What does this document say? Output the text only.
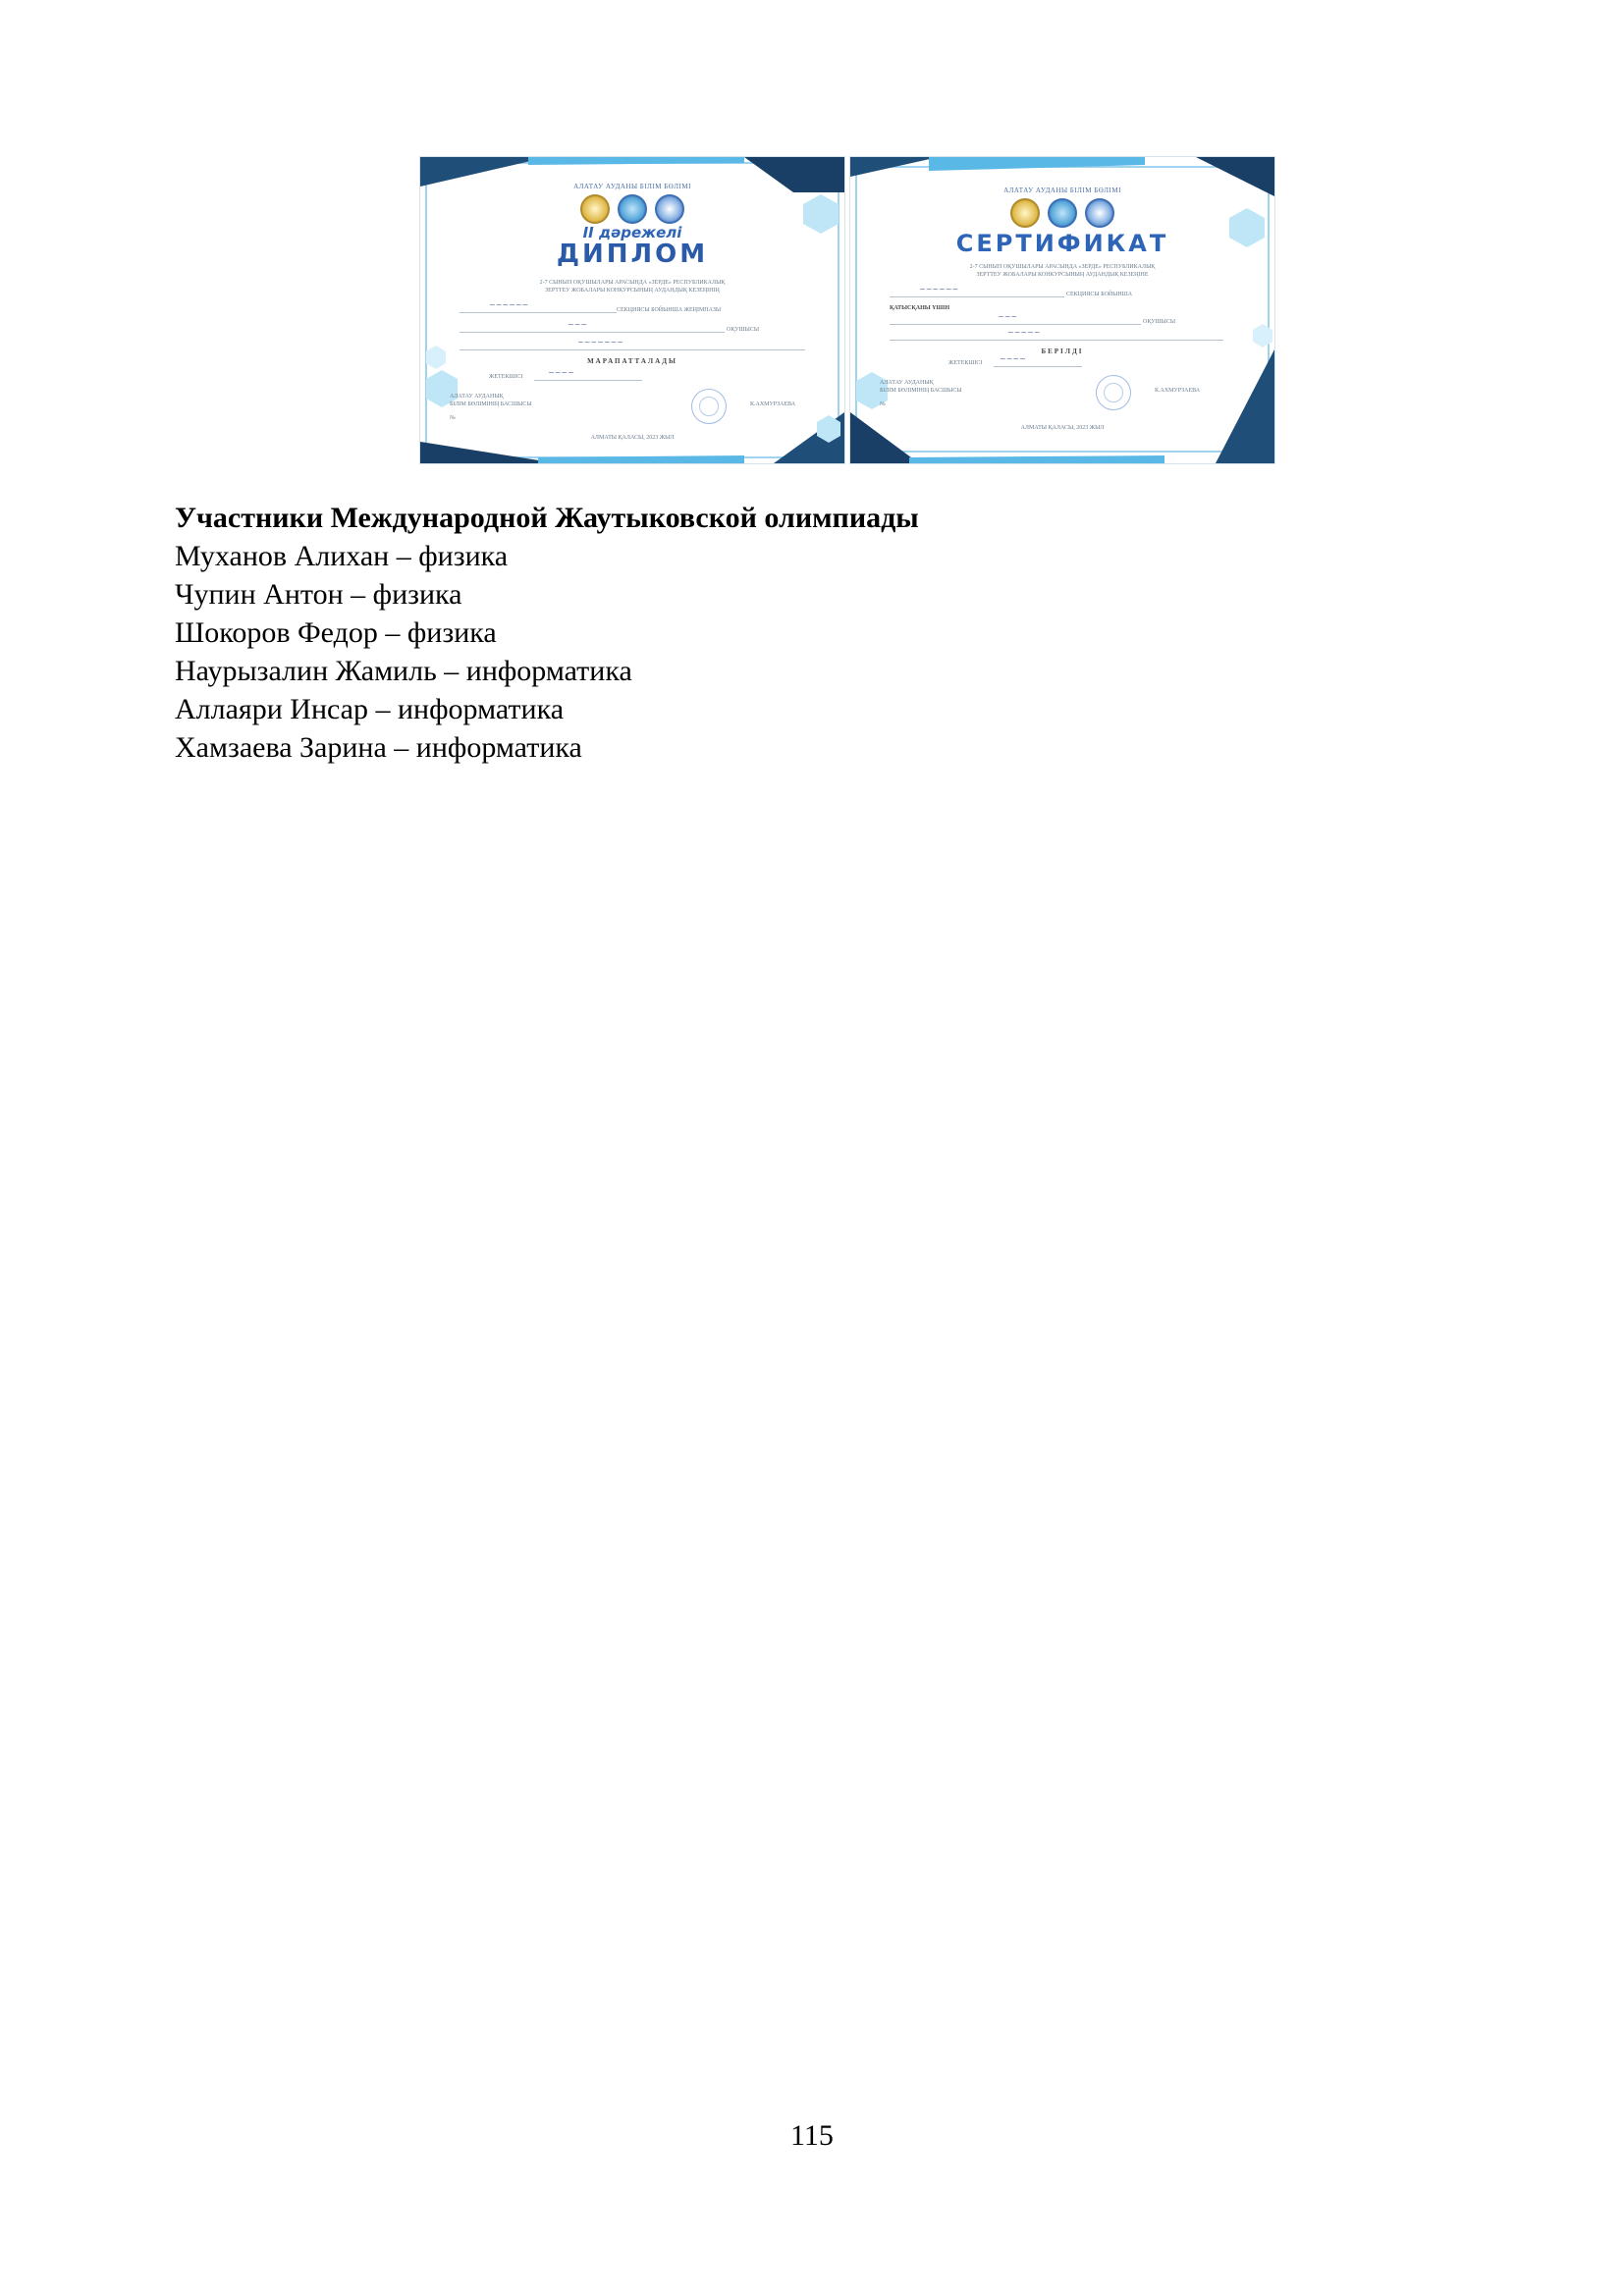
АЛАТАУ АУДАНЫ БІЛІМ БӨЛІМІ
ІІ дәрежелі
ДИПЛОМ
2-7 СЫНЫП ОҚУШЫЛАРЫ АРАСЫНДА «ЗЕРДЕ» РЕСПУБЛИКАЛЫҚ
ЗЕРТТЕУ ЖОБАЛАРЫ КОНКУРСЫНЫҢ АУДАНДЫҚ КЕЗЕҢІНІҢ
~~~~~~
СЕКЦИЯСЫ БОЙЫНША ЖЕҢІМПАЗЫ
~~~
ОҚУШЫСЫ
~~~~~~~
МАРАПАТТАЛАДЫ
ЖЕТЕКШІСІ	~~~~
АЛАТАУ АУДАНЫҚ
БІЛІМ БӨЛІМІНІҢ БАСШЫСЫ
№
К.АХМУРЗАЕВА
АЛМАТЫ ҚАЛАСЫ, 2023 ЖЫЛ
АЛАТАУ АУДАНЫ БІЛІМ БӨЛІМІ
СЕРТИФИКАТ
2-7 СЫНЫП ОҚУШЫЛАРЫ АРАСЫНДА «ЗЕРДЕ» РЕСПУБЛИКАЛЫҚ
ЗЕРТТЕУ ЖОБАЛАРЫ КОНКУРСЫНЫҢ АУДАНДЫҚ КЕЗЕҢІНЕ
~~~~~~
СЕКЦИЯСЫ БОЙЫНША
ҚАТЫСҚАНЫ ҮШІН
~~~
ОҚУШЫСЫ
~~~~~
БЕРІЛДІ
ЖЕТЕКШІСІ	~~~~
АЛАТАУ АУДАНЫҚ
БІЛІМ БӨЛІМІНІҢ БАСШЫСЫ
№
К.АХМУРЗАЕВА
АЛМАТЫ ҚАЛАСЫ, 2023 ЖЫЛ

Участники Международной Жаутыковской олимпиады

Муханов Алихан – физика

Чупин Антон – физика

Шокоров Федор – физика

Наурызалин Жамиль – информатика

Аллаяри Инсар – информатика

Хамзаева Зарина – информатика

115
